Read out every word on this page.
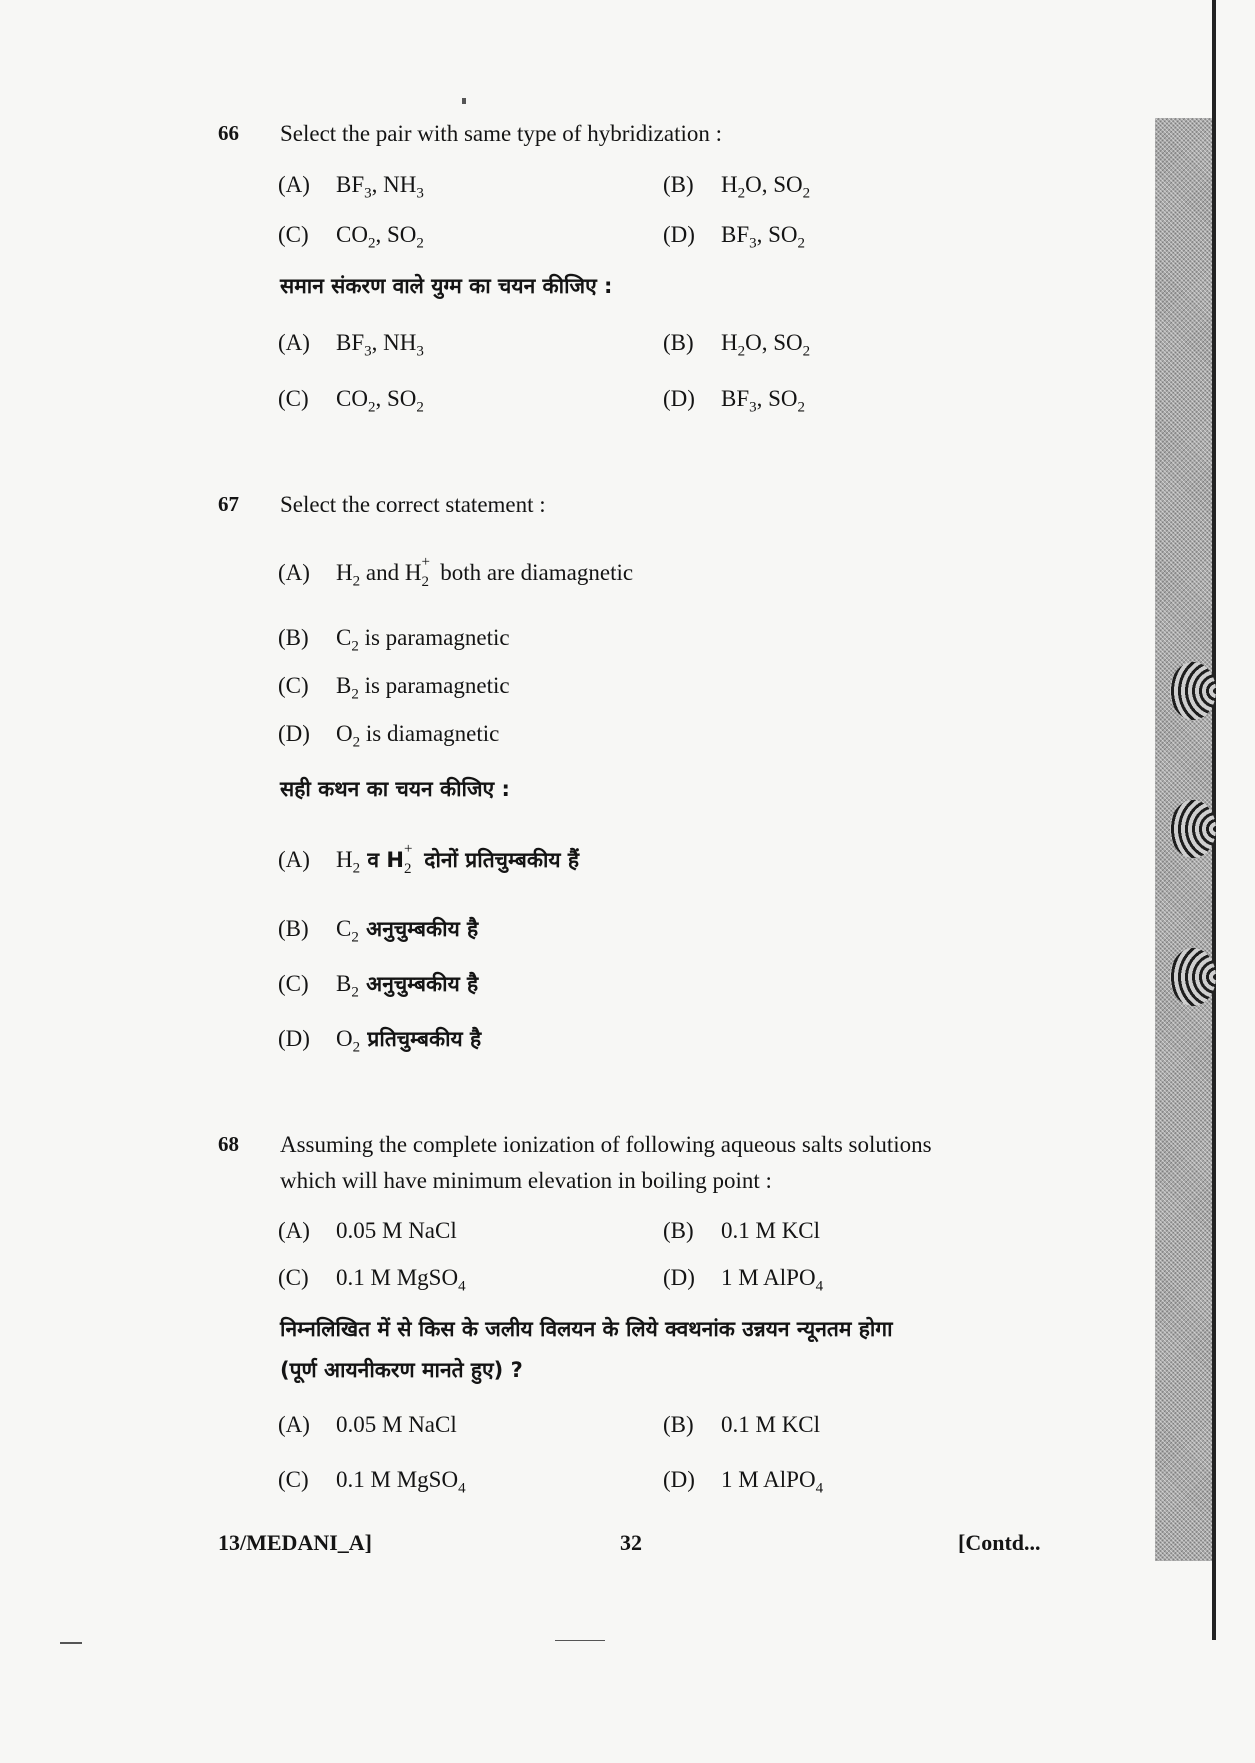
66 Select the pair with same type of hybridization :
(A) $BF_3$, $NH_3$	(B) $H_2O$, $SO_2$
(C) $CO_2$, $SO_2$	(D) $BF_3$, $SO_2$
समान संकरण वाले युग्म का चयन कीजिए :
(A) $BF_3$, $NH_3$	(B) $H_2O$, $SO_2$
(C) $CO_2$, $SO_2$	(D) $BF_3$, $SO_2$
67 Select the correct statement :
(A) $H_2$ and H +
2 both are diamagnetic
(B) $C_2$ is paramagnetic
(C) $B_2$ is paramagnetic
(D) $O_2$ is diamagnetic
सही कथन का चयन कीजिए :
(A) $H_2$ व H +
2 दोनों प्रतिचुम्बकीय हैं
(B) $C_2$ अनुचुम्बकीय है
(C) $B_2$ अनुचुम्बकीय है
(D) $O_2$ प्रतिचुम्बकीय है
68 Assuming the complete ionization of following aqueous salts solutions
which will have minimum elevation in boiling point :
(A) 0.05 M NaCl	(B) 0.1 M KCl
(C) 0.1 M MgSO$_4$	(D) 1 M AlPO$_4$
निम्नलिखित में से किस के जलीय विलयन के लिये क्वथनांक उन्नयन न्यूनतम होगा
(पूर्ण आयनीकरण मानते हुए) ?
(A) 0.05 M NaCl	(B) 0.1 M KCl
(C) 0.1 M MgSO$_4$	(D) 1 M AlPO$_4$
13/MEDANI_A]	32	[Contd...
